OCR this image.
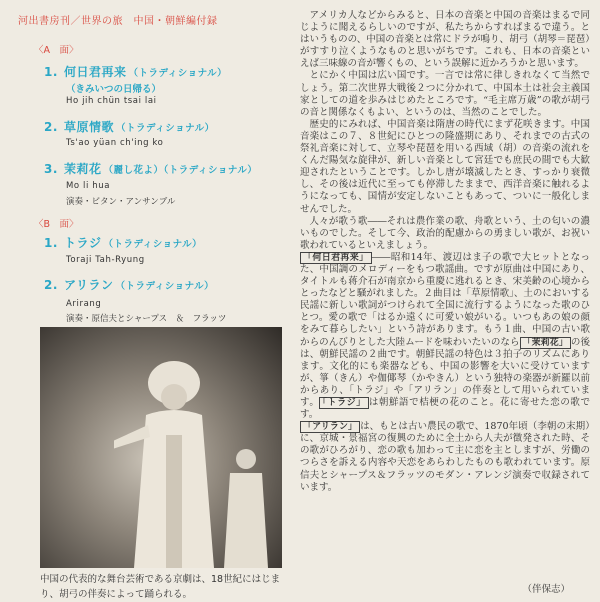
河出書房刊／世界の旅　中国・朝鮮編付録
〈A　面〉
1. 何日君再来 （トラディショナル）
（きみいつの日帰る）
Ho jih chün tsai lai
2. 草原情歌 （トラディショナル）
Ts'ao yüan ch'ing ko
3. 茉莉花 （麗し花よ）（トラディショナル）
Mo li hua
演奏・ビタン・アンサンブル
〈B　面〉
1. トラジ （トラディショナル）
Toraji Tah-Ryung
2. アリラン （トラディショナル）
Arirang
演奏・原信夫とシャープス　＆　フラッツ
中国の代表的な舞台芸術である京劇は、18世紀にはじまり、胡弓の伴奏によって踊られる。

アメリカ人などからみると、日本の音楽と中国の音楽はまるで同じように聞えるらしいのですが、私たちからすればまるで違う。とはいうものの、中国の音楽とは常にドラが鳴り、胡弓（胡琴＝琵琶）がすすり泣くようなものと思いがちです。これも、日本の音楽といえば三味線の音が響くもの、という誤解に近かろうかと思います。

とにかく中国は広い国です。一言では常に律しきれなくて当然でしょう。第二次世界大戦後２つに分かれて、中国本土は社会主義国家としての道を歩みはじめたところです。“毛主席万歳”の歌が胡弓の音と関係なくもよい、というのは、当然のことでした。

歴史的にみれば、中国音楽は隋唐の時代にまず花咲きます。中国音楽はこの７、８世紀にひとつの隆盛期にあり、それまでの古式の祭礼音楽に対して、立琴や琵琶を用いる西域（胡）の音楽の流れをくんだ陽気な旋律が、新しい音楽として宮廷でも庶民の間でも大歓迎されたということです。しかし唐が壊滅したとき、すっかり衰微し、その後は近代に至っても停滞したままで、西洋音楽に触れるようになっても、国情が安定しないこともあって、ついに一般化しませんでした。

人々が歌う歌――それは農作業の歌、舟歌という、土の匂いの濃いものでした。そして今、政治的配慮からの勇ましい歌が、お祝い歌われているといえましょう。

「何日君再来」 ――昭和14年、渡辺はま子の歌で大ヒットとなった、中国調のメロディーをもつ歌謡曲。ですが原曲は中国にあり、タイトルも蒋介石が南京から重慶に逃れるとき、宋美齢の心境からとったなどと騒がれました。２曲目は「草原情歌」、土のにおいする民謡に新しい歌詞がつけられて全国に流行するようになった歌のひとつ。愛の歌で「はるか遠くに可愛い娘がいる。いつもあの娘の顔をみて暮らしたい」という詩があります。もう１曲、中国の古い歌からのんびりとした大陸ムードを味わいたいのなら 「茉莉花」 の後は、朝鮮民謡の２曲です。朝鮮民謡の特色は３拍子のリズムにあります。文化的にも楽器なども、中国の影響を大いに受けていますが、箏（きん）や伽倻琴（かやきん）という独特の楽器が新羅以前からあり、「トラジ」や「アリラン」の伴奏として用いられています。 「トラジ」 は朝鮮語で桔梗の花のこと。花に寄せた恋の歌です。

「アリラン」 は、もとは古い農民の歌で、1870年頃（李朝の末期）に、京城・景福宮の復興のために全土から人夫が徴発された時、その歌がひろがり、恋の歌も加わって主に恋を主としますが、労働のつらさを訴える内容や天恋をあらわしたものも歌われています。原信夫とシャープス＆フラッツのモダン・アレンジ演奏で収録されています。

（伴保志）
